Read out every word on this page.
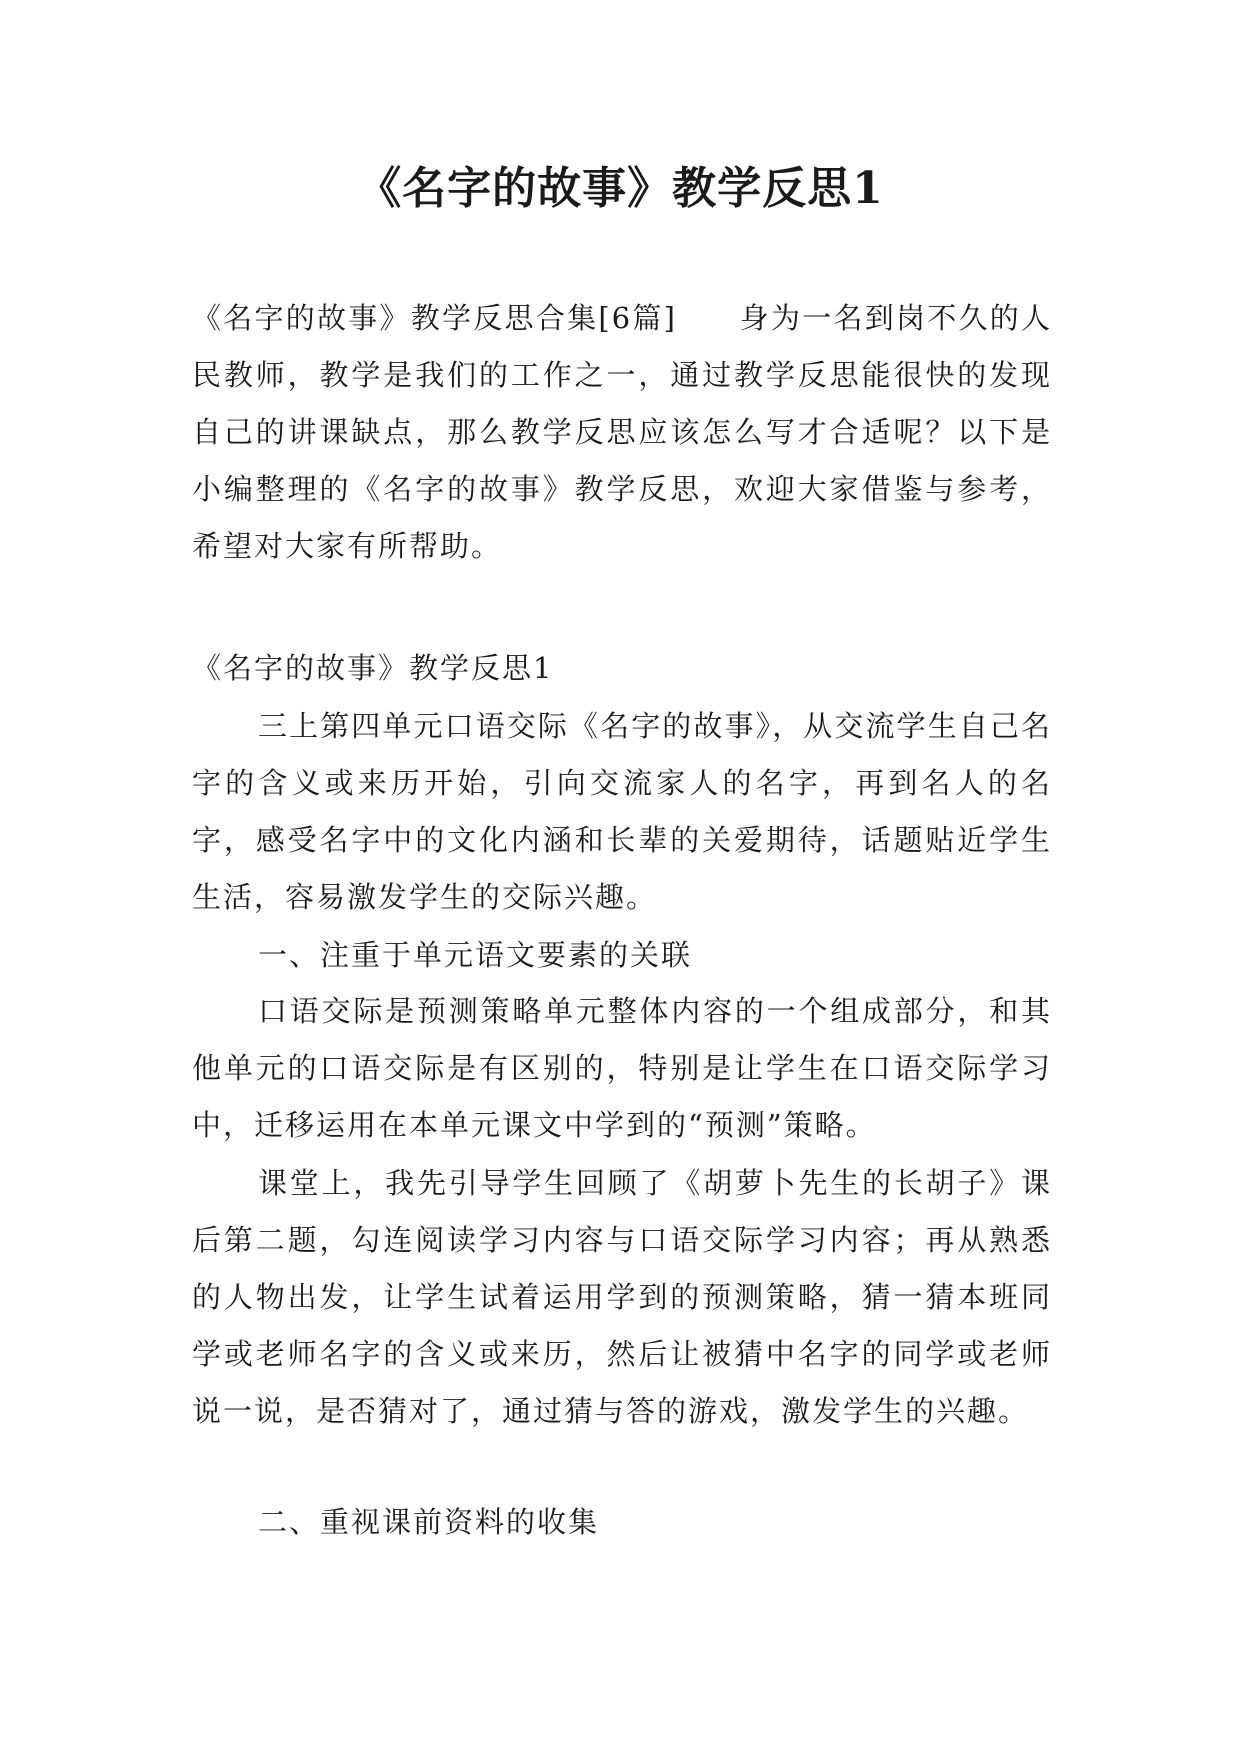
《名字的故事》教学反思1

《名字的故事》教学反思合集[6篇]　　身为一名到岗不久的人民教师，教学是我们的工作之一，通过教学反思能很快的发现自己的讲课缺点，那么教学反思应该怎么写才合适呢？以下是小编整理的《名字的故事》教学反思，欢迎大家借鉴与参考，希望对大家有所帮助。

《名字的故事》教学反思1

三上第四单元口语交际《名字的故事》，从交流学生自己名字的含义或来历开始，引向交流家人的名字，再到名人的名字，感受名字中的文化内涵和长辈的关爱期待，话题贴近学生生活，容易激发学生的交际兴趣。

一、注重于单元语文要素的关联

口语交际是预测策略单元整体内容的一个组成部分，和其他单元的口语交际是有区别的，特别是让学生在口语交际学习中，迁移运用在本单元课文中学到的“预测”策略。

课堂上，我先引导学生回顾了《胡萝卜先生的长胡子》课后第二题，勾连阅读学习内容与口语交际学习内容；再从熟悉的人物出发，让学生试着运用学到的预测策略，猜一猜本班同学或老师名字的含义或来历，然后让被猜中名字的同学或老师说一说，是否猜对了，通过猜与答的游戏，激发学生的兴趣。

二、重视课前资料的收集
